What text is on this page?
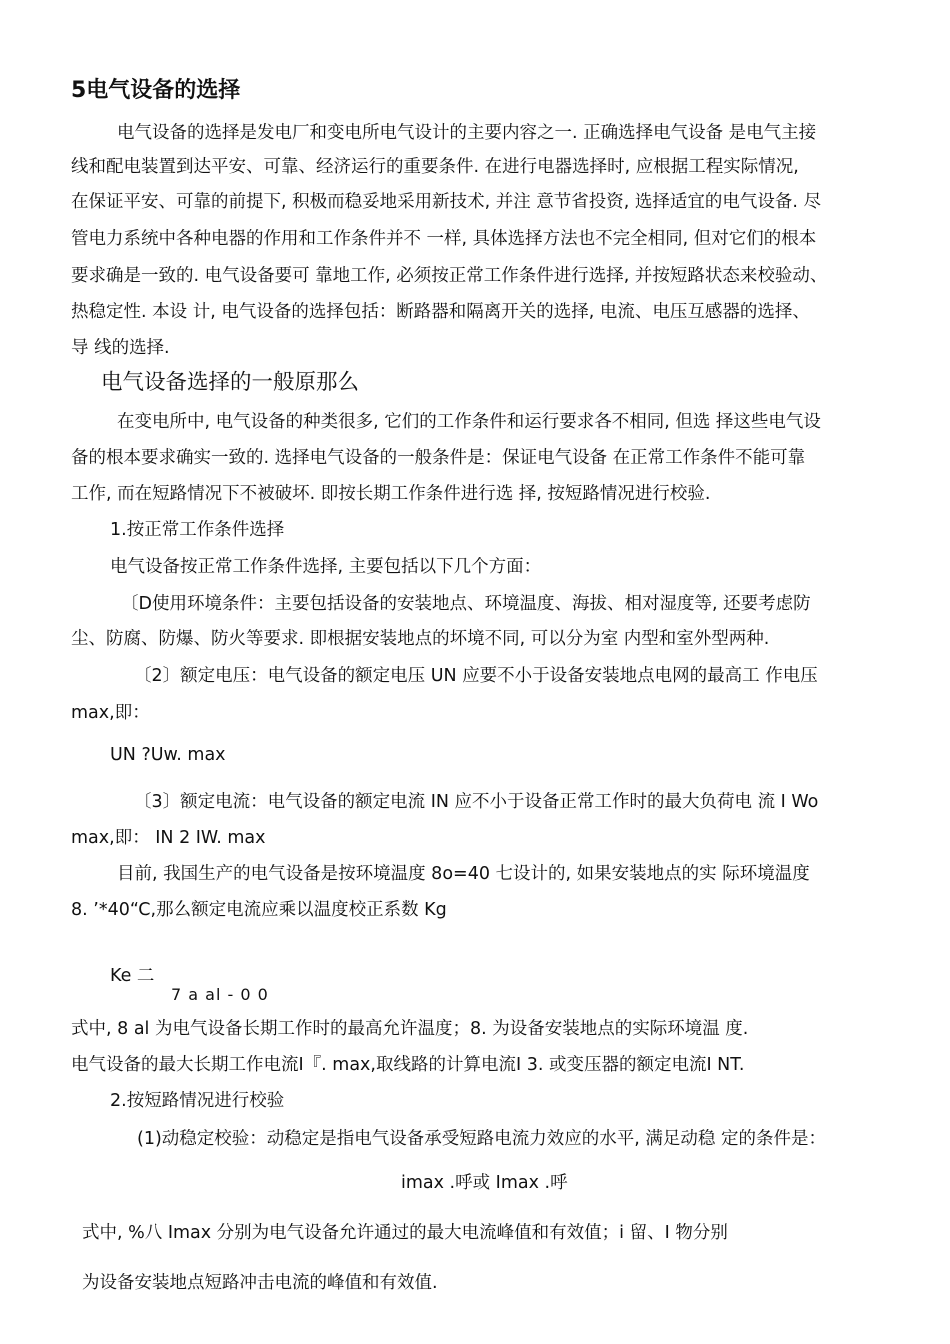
5电气设备的选择
电气设备的选择是发电厂和变电所电气设计的主要内容之一. 正确选择电气设备 是电气主接
线和配电装置到达平安、可靠、经济运行的重要条件. 在进行电器选择时, 应根据工程实际情况,
在保证平安、可靠的前提下, 积极而稳妥地采用新技术, 并注 意节省投资, 选择适宜的电气设备. 尽
管电力系统中各种电器的作用和工作条件并不 一样, 具体选择方法也不完全相同, 但对它们的根本
要求确是一致的. 电气设备要可 靠地工作, 必须按正常工作条件进行选择, 并按短路状态来校验动、
热稳定性. 本设 计, 电气设备的选择包括：断路器和隔离开关的选择, 电流、电压互感器的选择、
导 线的选择.
电气设备选择的一般原那么
在变电所中, 电气设备的种类很多, 它们的工作条件和运行要求各不相同, 但选 择这些电气设
备的根本要求确实一致的. 选择电气设备的一般条件是：保证电气设备 在正常工作条件不能可靠
工作, 而在短路情况下不被破坏. 即按长期工作条件进行选 择, 按短路情况进行校验.
1.按正常工作条件选择
电气设备按正常工作条件选择, 主要包括以下几个方面：
〔D使用环境条件：主要包括设备的安装地点、环境温度、海拔、相对湿度等, 还要考虑防
尘、防腐、防爆、防火等要求. 即根据安装地点的坏境不同, 可以分为室 内型和室外型两种.
〔2〕额定电压：电气设备的额定电压 UN 应要不小于设备安装地点电网的最高工 作电压
max,即：
UN ?Uw. max
〔3〕额定电流：电气设备的额定电流 IN 应不小于设备正常工作时的最大负荷电 流 I Wo
max,即： IN 2 IW. max
目前, 我国生产的电气设备是按环境温度 8o=40 七设计的, 如果安装地点的实 际环境温度
8. ’*40“C,那么额定电流应乘以温度校正系数 Kg
Ke 二
7 a al - 0 0
式中, 8 al 为电气设备长期工作时的最高允许温度；8. 为设备安装地点的实际环境温 度.
电气设备的最大长期工作电流I『. max,取线路的计算电流I 3. 或变压器的额定电流I NT.
2.按短路情况进行校验
(1)动稳定校验：动稳定是指电气设备承受短路电流力效应的水平, 满足动稳 定的条件是：
imax .呼或 Imax .呼
式中, %八 Imax 分别为电气设备允许通过的最大电流峰值和有效值；i 留、I 物分别
为设备安装地点短路冲击电流的峰值和有效值.
